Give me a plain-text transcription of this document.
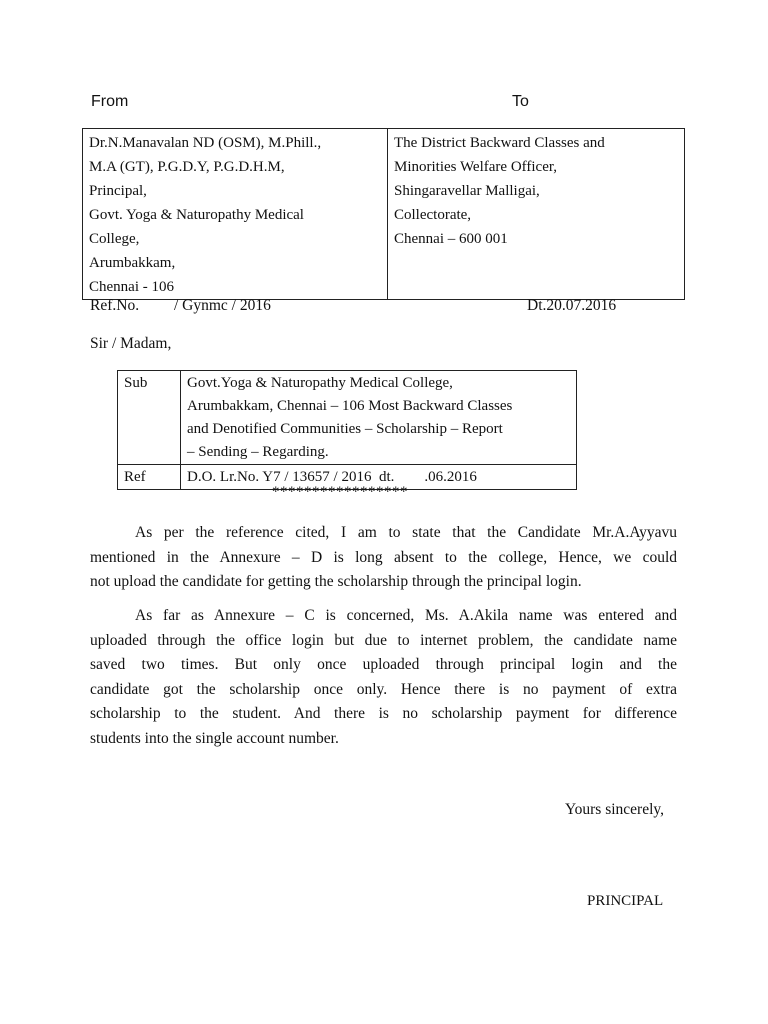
From	To
Dr.N.Manavalan ND (OSM), M.Phill.,
M.A (GT), P.G.D.Y, P.G.D.H.M,
Principal,
Govt. Yoga & Naturopathy Medical
College,
Arumbakkam,
Chennai - 106

The District Backward Classes and
Minorities Welfare Officer,
Shingaravellar Malligai,
Collectorate,
Chennai – 600 001
Ref.No.         / Gynmc / 2016	Dt.20.07.2016
Sir / Madam,
Sub	Govt.Yoga & Naturopathy Medical College,
Arumbakkam, Chennai – 106 Most Backward Classes
and Denotified Communities – Scholarship – Report
– Sending – Regarding.

Ref	D.O. Lr.No. Y7 / 13657 / 2016  dt.        .06.2016
*****************
As per the reference cited, I am to state that the Candidate Mr.A.Ayyavu
mentioned in the Annexure – D is long absent to the college, Hence, we could
not upload the candidate for getting the scholarship through the principal login.
As far as Annexure – C is concerned, Ms. A.Akila name was entered and
uploaded through the office login but due to internet problem, the candidate name
saved two times. But only once uploaded through principal login and the
candidate got the scholarship once only. Hence there is no payment of extra
scholarship to the student. And there is no scholarship payment for difference
students into the single account number.
Yours sincerely,
PRINCIPAL
